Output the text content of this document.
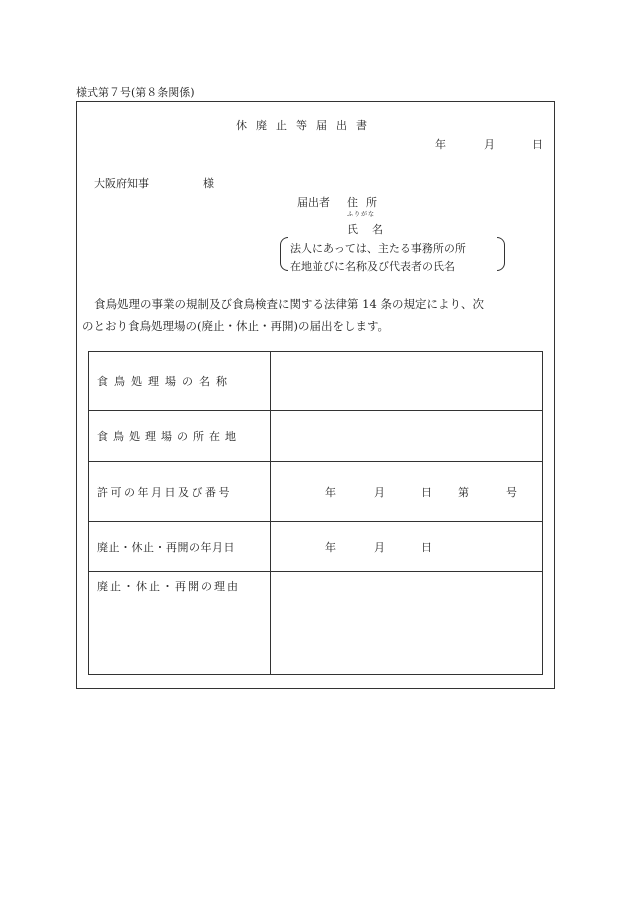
様式第７号(第８条関係)
休廃止等届出書
年	月	日
大阪府知事	様
届出者 住所
ふりがな
氏名
法人にあっては、主たる事務所の所
在地並びに名称及び代表者の氏名
食鳥処理の事業の規制及び食鳥検査に関する法律第 14 条の規定により、次
のとおり食鳥処理場の(廃止・休止・再開)の届出をします。
食鳥処理場の名称	
食鳥処理場の所在地	
許可の年月日及び番号	年 月 日 第 号

廃止・休止・再開の年月日	年 月 日

廃止・休止・再開の理由	
